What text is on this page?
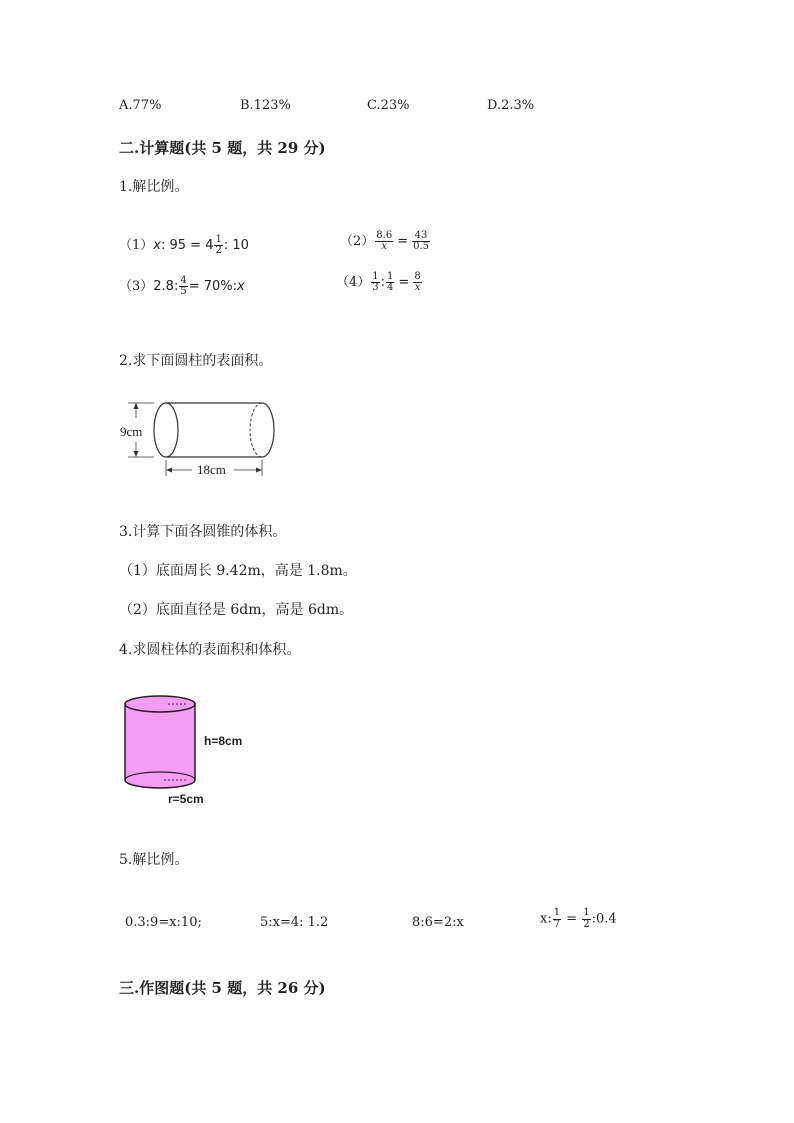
A.77%	B.123%	C.23%	D.2.3%
二.计算题(共 5 题，共 29 分)
1.解比例。
（1）x: $95 = 4 \frac{1}{2}$ : 10	$(2) \frac{8.6}{x} = \frac{43}{0.5}$
（3）2.8: $\frac{4}{5}$ = 70%:x	$(4) \frac{1}{3}$ : $\frac{1}{4} = \frac{8}{x}$
2.求下面圆柱的表面积。
9cm
18cm
3.计算下面各圆锥的体积。
（1）底面周长 9.42m，高是 1.8m。
（2）底面直径是 6dm，高是 6dm。
4.求圆柱体的表面积和体积。
h=8cm
r=5cm
5.解比例。
0.3:9=x:10;	5:x=4: 1.2	8:6=2:x	x: $\frac{1}{7} = \frac{1}{2}$ :0.4
三.作图题(共 5 题，共 26 分)
